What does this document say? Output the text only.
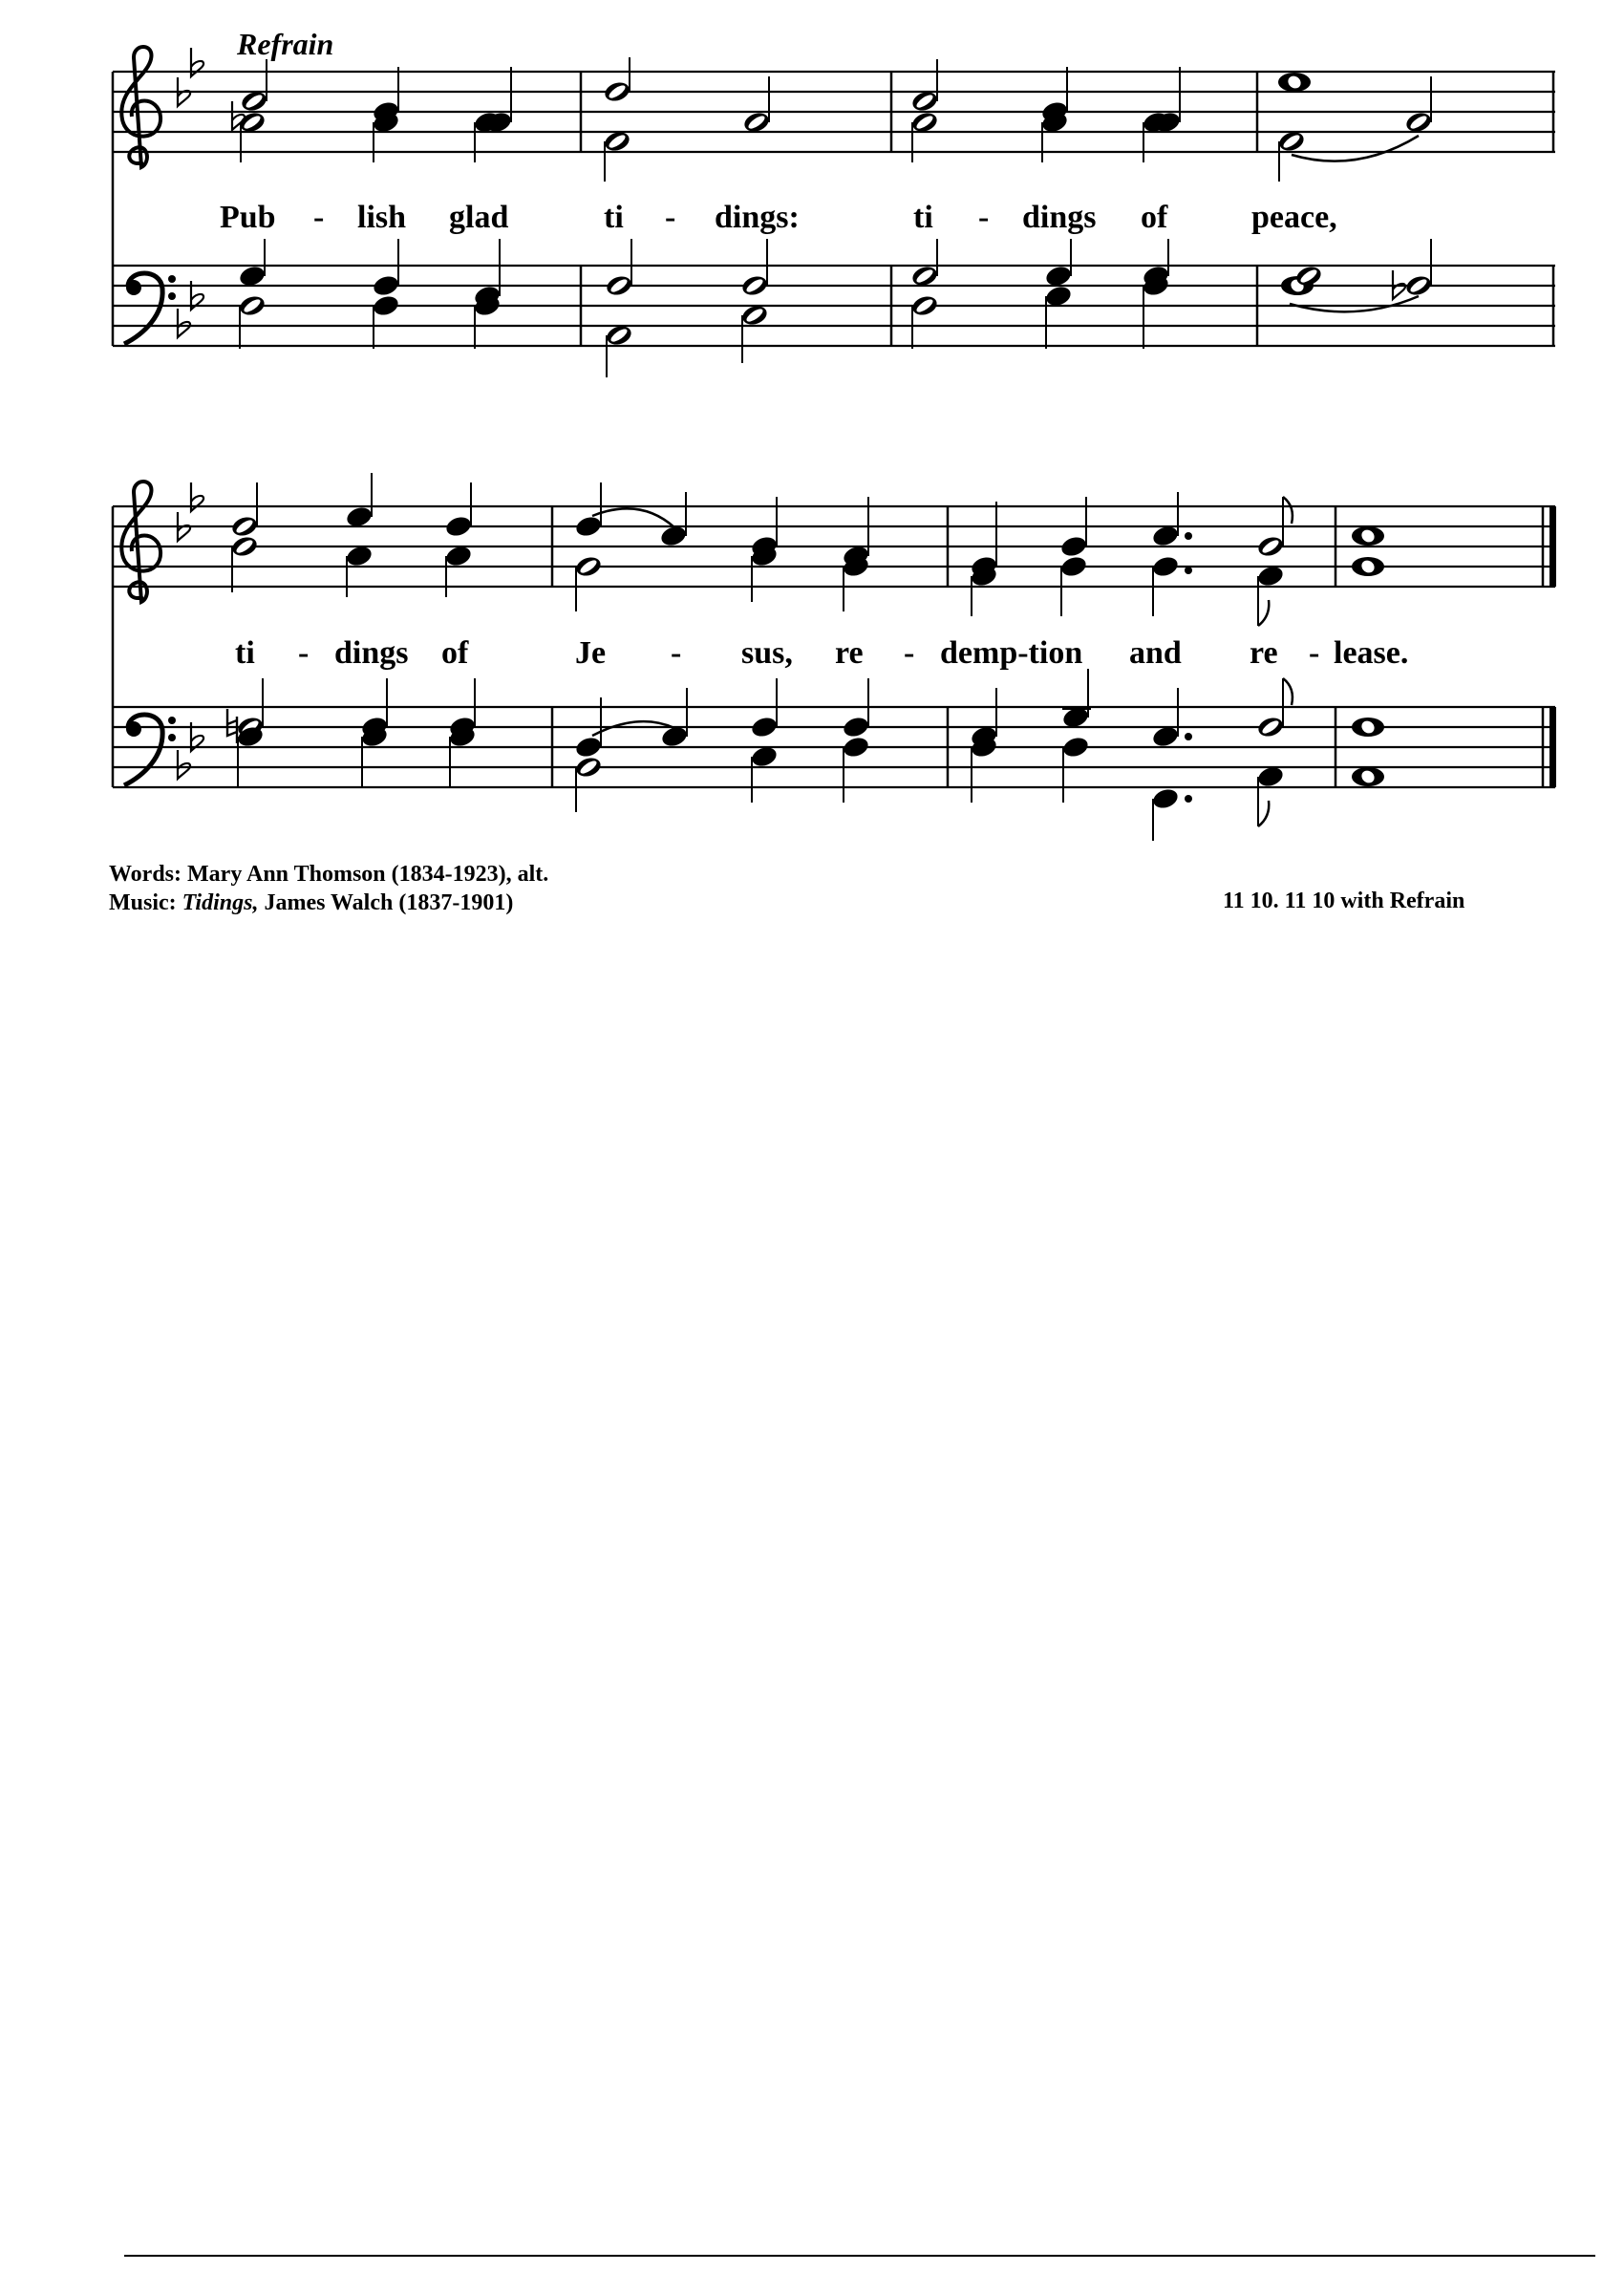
Refrain
Pub - lish glad	ti - dings:	ti - dings of	peace,
ti - dings of	Je - sus, re - demp-tion and re - lease.
Words: Mary Ann Thomson (1834-1923), alt.
Music: Tidings, James Walch (1837-1901)	11 10. 11 10 with Refrain
